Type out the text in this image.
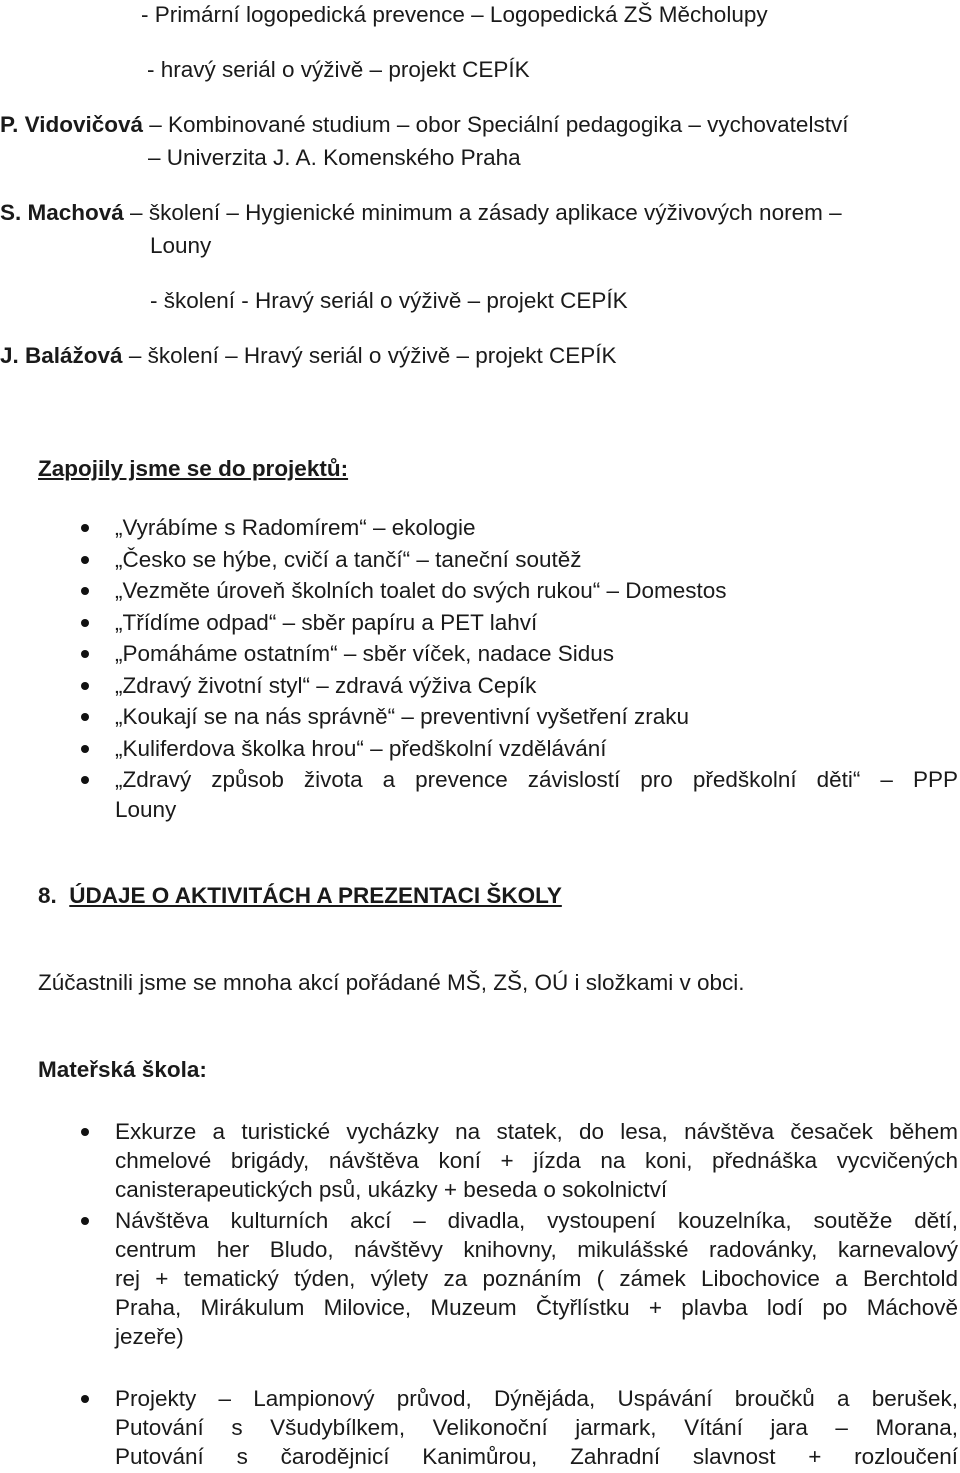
- Primární logopedická prevence – Logopedická ZŠ Měcholupy
- hravý seriál o výživě – projekt CEPÍK
P. Vidovičová – Kombinované studium – obor Speciální pedagogika – vychovatelství
– Univerzita J. A. Komenského Praha
S. Machová – školení – Hygienické minimum a zásady aplikace výživových norem –
Louny
- školení - Hravý seriál o výživě – projekt CEPÍK
J. Balážová – školení – Hravý seriál o výživě – projekt CEPÍK
Zapojily jsme se do projektů:
„Vyrábíme s Radomírem“ – ekologie
„Česko se hýbe, cvičí a tančí“ – taneční soutěž
„Vezměte úroveň školních toalet do svých rukou“ – Domestos
„Třídíme odpad“ – sběr papíru a PET lahví
„Pomáháme ostatním“ – sběr víček, nadace Sidus
„Zdravý životní styl“ – zdravá výživa Cepík
„Koukají se na nás správně“ – preventivní vyšetření zraku
„Kuliferdova školka hrou“ – předškolní vzdělávání
„Zdravý způsob života a prevence závislostí pro předškolní děti“ – PPP
Louny
8. ÚDAJE O AKTIVITÁCH A PREZENTACI ŠKOLY
Zúčastnili jsme se mnoha akcí pořádané MŠ, ZŠ, OÚ i složkami v obci.
Mateřská škola:
Exkurze a turistické vycházky na statek, do lesa, návštěva česaček během
chmelové brigády, návštěva koní + jízda na koni, přednáška vycvičených
canisterapeutických psů, ukázky + beseda o sokolnictví
Návštěva kulturních akcí – divadla, vystoupení kouzelníka, soutěže dětí,
centrum her Bludo, návštěvy knihovny, mikulášské radovánky, karnevalový
rej + tematický týden, výlety za poznáním ( zámek Libochovice a Berchtold
Praha, Mirákulum Milovice, Muzeum Čtyřlístku + plavba lodí po Máchově
jezeře)
Projekty – Lampionový průvod, Dýnějáda, Uspávání broučků a berušek,
Putování s Všudybílkem, Velikonoční jarmark, Vítání jara – Morana,
Putování s čarodějnicí Kanimůrou, Zahradní slavnost + rozloučení
